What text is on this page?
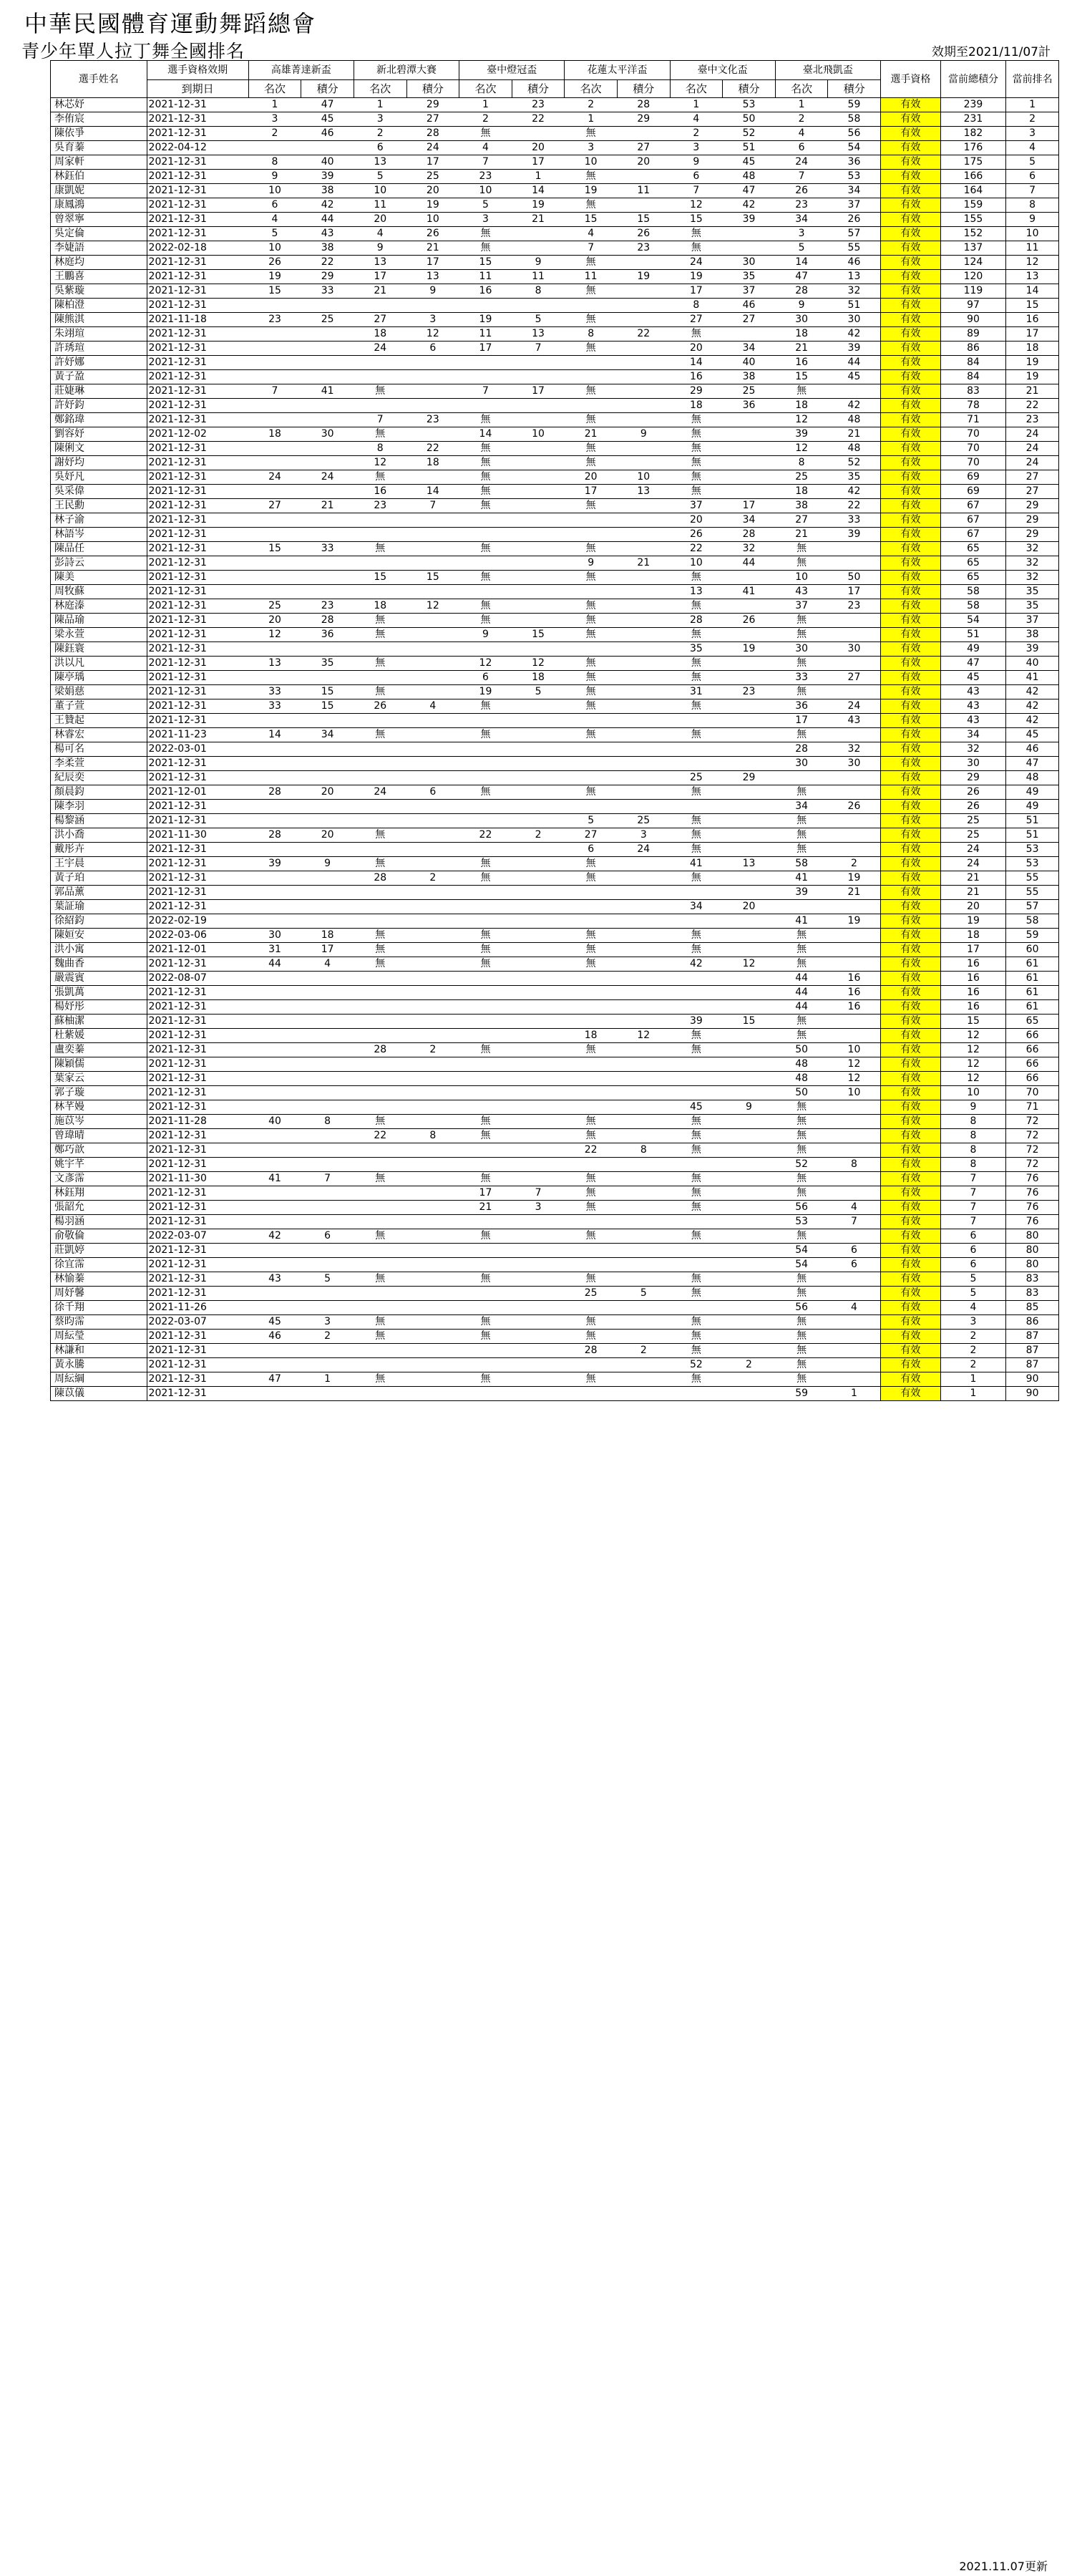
中華民國體育運動舞蹈總會
青少年單人拉丁舞全國排名	效期至2021/11/07計
選手姓名	選手資格效期	高雄菁達新盃		新北碧潭大賽		臺中燈冠盃		花蓮太平洋盃		臺中文化盃		臺北飛凱盃		選手資格	當前總積分	當前排名
	到期日	名次	積分	名次	積分	名次	積分	名次	積分	名次	積分	名次	積分			

林芯妤	2021-12-31	1	47	1	29	1	23	2	28	1	53	1	59	有效	239	1

李侑宸	2021-12-31	3	45	3	27	2	22	1	29	4	50	2	58	有效	231	2

陳依爭	2021-12-31	2	46	2	28	無		無		2	52	4	56	有效	182	3

吳育蓁	2022-04-12			6	24	4	20	3	27	3	51	6	54	有效	176	4

周家軒	2021-12-31	8	40	13	17	7	17	10	20	9	45	24	36	有效	175	5

林鈺伯	2021-12-31	9	39	5	25	23	1	無		6	48	7	53	有效	166	6
康凱妮	2021-12-31	10	38	10	20	10	14	19	11	7	47	26	34	有效	164	7
康鳳鴻	2021-12-31	6	42	11	19	5	19	無		12	42	23	37	有效	159	8
曾翠寧	2021-12-31	4	44	20	10	3	21	15	15	15	39	34	26	有效	155	9
吳定倫	2021-12-31	5	43	4	26	無		4	26	無		3	57	有效	152	10
李婕語	2022-02-18	10	38	9	21	無		7	23	無		5	55	有效	137	11
林庭均	2021-12-31	26	22	13	17	15	9	無		24	30	14	46	有效	124	12
王鵬喜	2021-12-31	19	29	17	13	11	11	11	19	19	35	47	13	有效	120	13
吳紫璇	2021-12-31	15	33	21	9	16	8	無		17	37	28	32	有效	119	14
陳柏澄	2021-12-31									8	46	9	51	有效	97	15
陳熊淇	2021-11-18	23	25	27	3	19	5	無		27	27	30	30	有效	90	16
朱翊瑄	2021-12-31			18	12	11	13	8	22	無		18	42	有效	89	17
許琇瑄	2021-12-31			24	6	17	7	無		20	34	21	39	有效	86	18
許妤娜	2021-12-31									14	40	16	44	有效	84	19
黃子盈	2021-12-31									16	38	15	45	有效	84	19
莊婕琳	2021-12-31	7	41	無		7	17	無		29	25	無		有效	83	21
許妤鈞	2021-12-31									18	36	18	42	有效	78	22
鄭銘瑋	2021-12-31			7	23	無		無		無		12	48	有效	71	23
劉容妤	2021-12-02	18	30	無		14	10	21	9	無		39	21	有效	70	24
陳俐文	2021-12-31			8	22	無		無		無		12	48	有效	70	24
謝妤均	2021-12-31			12	18	無		無		無		8	52	有效	70	24
吳妤凡	2021-12-31	24	24	無		無		20	10	無		25	35	有效	69	27
吳采偉	2021-12-31			16	14	無		17	13	無		18	42	有效	69	27
王民勳	2021-12-31	27	21	23	7	無		無		37	17	38	22	有效	67	29
林子渝	2021-12-31									20	34	27	33	有效	67	29
林語岑	2021-12-31									26	28	21	39	有效	67	29
陳品任	2021-12-31	15	33	無		無		無		22	32	無		有效	65	32
彭詩云	2021-12-31							9	21	10	44	無		有效	65	32
陳美	2021-12-31			15	15	無		無		無		10	50	有效	65	32
周牧蘇	2021-12-31									13	41	43	17	有效	58	35
林庭溱	2021-12-31	25	23	18	12	無		無		無		37	23	有效	58	35
陳品瑜	2021-12-31	20	28	無		無		無		28	26	無		有效	54	37
梁永萱	2021-12-31	12	36	無		9	15	無		無		無		有效	51	38
陳鈺寰	2021-12-31									35	19	30	30	有效	49	39
洪以凡	2021-12-31	13	35	無		12	12	無		無		無		有效	47	40
陳亭瑀	2021-12-31					6	18	無		無		33	27	有效	45	41
梁娟慈	2021-12-31	33	15	無		19	5	無		31	23	無		有效	43	42
董子萱	2021-12-31	33	15	26	4	無		無		無		36	24	有效	43	42
王贊起	2021-12-31											17	43	有效	43	42
林睿宏	2021-11-23	14	34	無		無		無		無		無		有效	34	45
楊可名	2022-03-01											28	32	有效	32	46
李柔萱	2021-12-31											30	30	有效	30	47
紀辰奕	2021-12-31									25	29			有效	29	48
顏晨鈞	2021-12-01	28	20	24	6	無		無		無		無		有效	26	49
陳李羽	2021-12-31											34	26	有效	26	49
楊黎涵	2021-12-31							5	25	無		無		有效	25	51
洪小喬	2021-11-30	28	20	無		22	2	27	3	無		無		有效	25	51
戴彤卉	2021-12-31							6	24	無		無		有效	24	53
王宇晨	2021-12-31	39	9	無		無		無		41	13	58	2	有效	24	53
黃子珀	2021-12-31			28	2	無		無		無		41	19	有效	21	55
郭品薰	2021-12-31											39	21	有效	21	55
葉証瑜	2021-12-31									34	20			有效	20	57
徐紹鈞	2022-02-19											41	19	有效	19	58
陳姮安	2022-03-06	30	18	無		無		無		無		無		有效	18	59
洪小寓	2021-12-01	31	17	無		無		無		無		無		有效	17	60
魏曲香	2021-12-31	44	4	無		無		無		42	12	無		有效	16	61
嚴震賓	2022-08-07											44	16	有效	16	61
張凱萬	2021-12-31											44	16	有效	16	61
楊妤彤	2021-12-31											44	16	有效	16	61
蘇柚潔	2021-12-31									39	15	無		有效	15	65
杜紫媛	2021-12-31							18	12	無		無		有效	12	66
盧奕蓁	2021-12-31			28	2	無		無		無		50	10	有效	12	66
陳穎儒	2021-12-31											48	12	有效	12	66
葉家云	2021-12-31											48	12	有效	12	66
郭子璇	2021-12-31											50	10	有效	10	70
林芊嫚	2021-12-31									45	9	無		有效	9	71
施苡岑	2021-11-28	40	8	無		無		無		無		無		有效	8	72
曾瑋晴	2021-12-31			22	8	無		無		無		無		有效	8	72
鄭巧歆	2021-12-31							22	8	無		無		有效	8	72
姚宇芊	2021-12-31											52	8	有效	8	72
文彥霈	2021-11-30	41	7	無		無		無		無		無		有效	7	76
林鈺翔	2021-12-31					17	7	無		無		無		有效	7	76
張韶允	2021-12-31					21	3	無		無		56	4	有效	7	76
楊羽涵	2021-12-31											53	7	有效	7	76
俞敬倫	2022-03-07	42	6	無		無		無		無		無		有效	6	80
莊凱婷	2021-12-31											54	6	有效	6	80
徐宜霈	2021-12-31											54	6	有效	6	80
林愉蓁	2021-12-31	43	5	無		無		無		無		無		有效	5	83
周妤馨	2021-12-31							25	5	無		無		有效	5	83
徐千翔	2021-11-26											56	4	有效	4	85
蔡昀霈	2022-03-07	45	3	無		無		無		無		無		有效	3	86
周紜瑩	2021-12-31	46	2	無		無		無		無		無		有效	2	87
林謙和	2021-12-31							28	2	無		無		有效	2	87
黃永騰	2021-12-31									52	2	無		有效	2	87
周紜綱	2021-12-31	47	1	無		無		無		無		無		有效	1	90
陳苡儀	2021-12-31											59	1	有效	1	90
2021.11.07更新
